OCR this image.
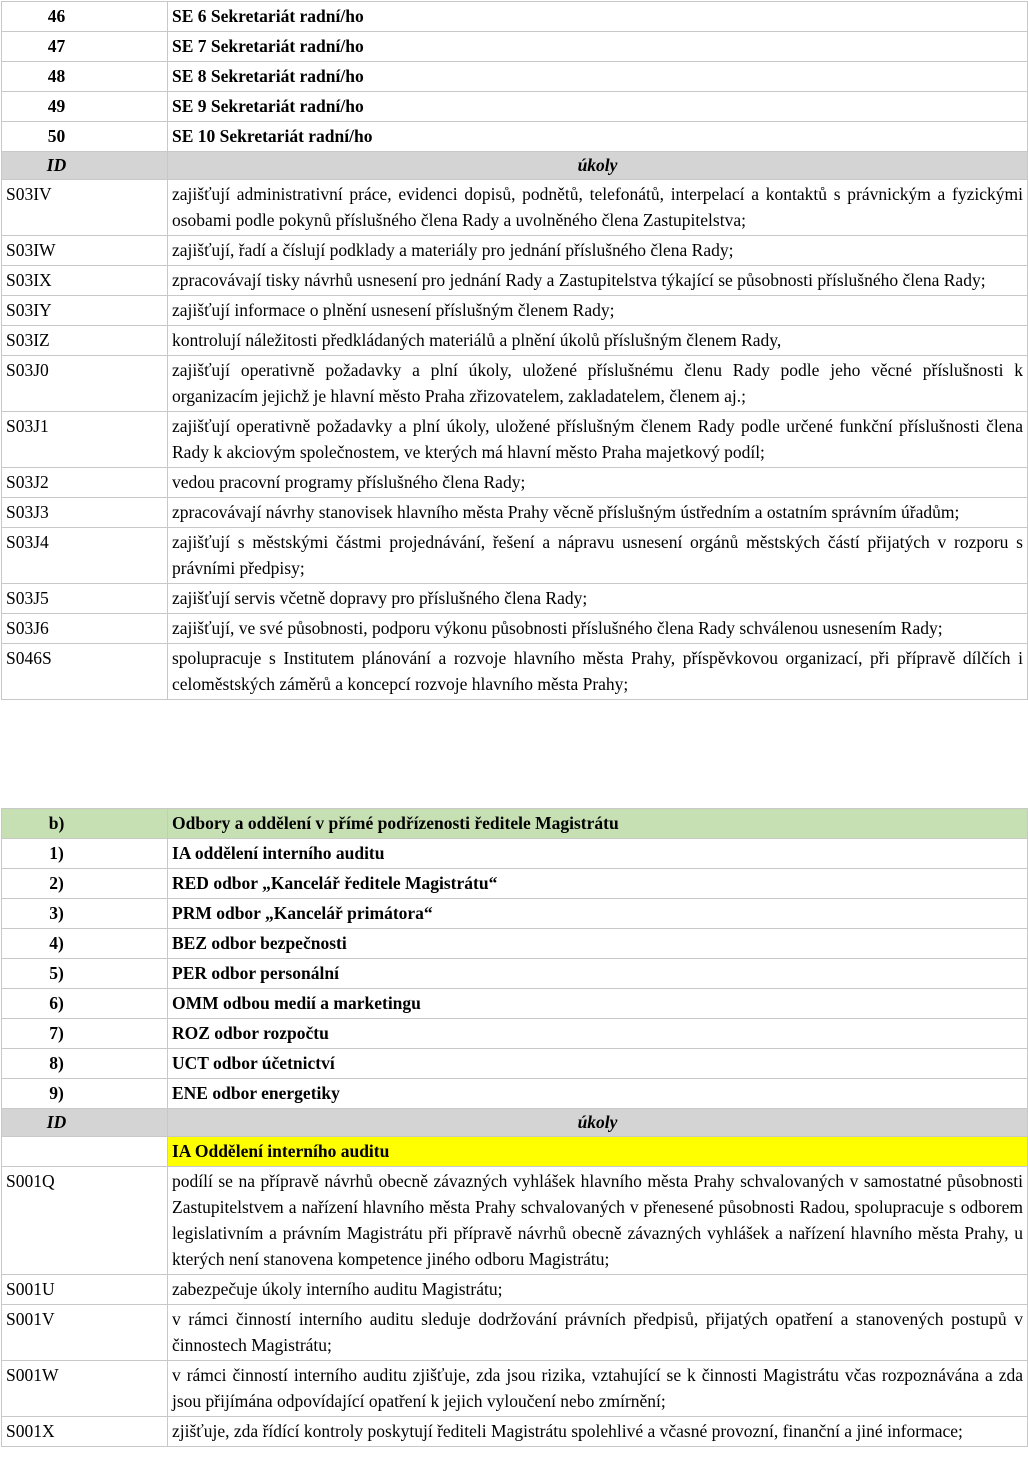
46	SE 6 Sekretariát radní/ho
47	SE 7 Sekretariát radní/ho
48	SE 8 Sekretariát radní/ho
49	SE 9 Sekretariát radní/ho
50	SE 10 Sekretariát radní/ho
ID	úkoly
S03IV	zajišťují administrativní práce, evidenci dopisů, podnětů, telefonátů, interpelací a kontaktů s právnickým a fyzickými osobami podle pokynů příslušného člena Rady a uvolněného člena Zastupitelstva;
S03IW	zajišťují, řadí a číslují podklady a materiály pro jednání příslušného člena Rady;
S03IX	zpracovávají tisky návrhů usnesení pro jednání Rady a Zastupitelstva týkající se působnosti příslušného člena Rady;
S03IY	zajišťují informace o plnění usnesení příslušným členem Rady;
S03IZ	kontrolují náležitosti předkládaných materiálů a plnění úkolů příslušným členem Rady,
S03J0	zajišťují operativně požadavky a plní úkoly, uložené příslušnému členu Rady podle jeho věcné příslušnosti k organizacím jejichž je hlavní město Praha zřizovatelem, zakladatelem, členem aj.;
S03J1	zajišťují operativně požadavky a plní úkoly, uložené příslušným členem Rady podle určené funkční příslušnosti člena Rady k akciovým společnostem, ve kterých má hlavní město Praha majetkový podíl;
S03J2	vedou pracovní programy příslušného člena Rady;
S03J3	zpracovávají návrhy stanovisek hlavního města Prahy věcně příslušným ústředním a ostatním správním úřadům;
S03J4	zajišťují s městskými částmi projednávání, řešení a nápravu usnesení orgánů městských částí přijatých v rozporu s právními předpisy;
S03J5	zajišťují servis včetně dopravy pro příslušného člena Rady;
S03J6	zajišťují, ve své působnosti, podporu výkonu působnosti příslušného člena Rady schválenou usnesením Rady;
S046S	spolupracuje s Institutem plánování a rozvoje hlavního města Prahy, příspěvkovou organizací, při přípravě dílčích i celoměstských záměrů a koncepcí rozvoje hlavního města Prahy;
b)	Odbory a oddělení v přímé podřízenosti ředitele Magistrátu
1)	IA oddělení interního auditu
2)	RED odbor „Kancelář ředitele Magistrátu“
3)	PRM odbor „Kancelář primátora“
4)	BEZ odbor bezpečnosti
5)	PER odbor personální
6)	OMM odbou medií a marketingu
7)	ROZ odbor rozpočtu
8)	UCT odbor účetnictví
9)	ENE odbor energetiky
ID	úkoly
	IA Oddělení interního auditu
S001Q	podílí se na přípravě návrhů obecně závazných vyhlášek hlavního města Prahy schvalovaných v samostatné působnosti Zastupitelstvem a nařízení hlavního města Prahy schvalovaných v přenesené působnosti Radou, spolupracuje s odborem legislativním a právním Magistrátu při přípravě návrhů obecně závazných vyhlášek a nařízení hlavního města Prahy, u kterých není stanovena kompetence jiného odboru Magistrátu;
S001U	zabezpečuje úkoly interního auditu Magistrátu;
S001V	v rámci činností interního auditu sleduje dodržování právních předpisů, přijatých opatření a stanovených postupů v činnostech Magistrátu;
S001W	v rámci činností interního auditu zjišťuje, zda jsou rizika, vztahující se k činnosti Magistrátu včas rozpoznávána a zda jsou přijímána odpovídající opatření k jejich vyloučení nebo zmírnění;
S001X	zjišťuje, zda řídící kontroly poskytují řediteli Magistrátu spolehlivé a včasné provozní, finanční a jiné informace;
